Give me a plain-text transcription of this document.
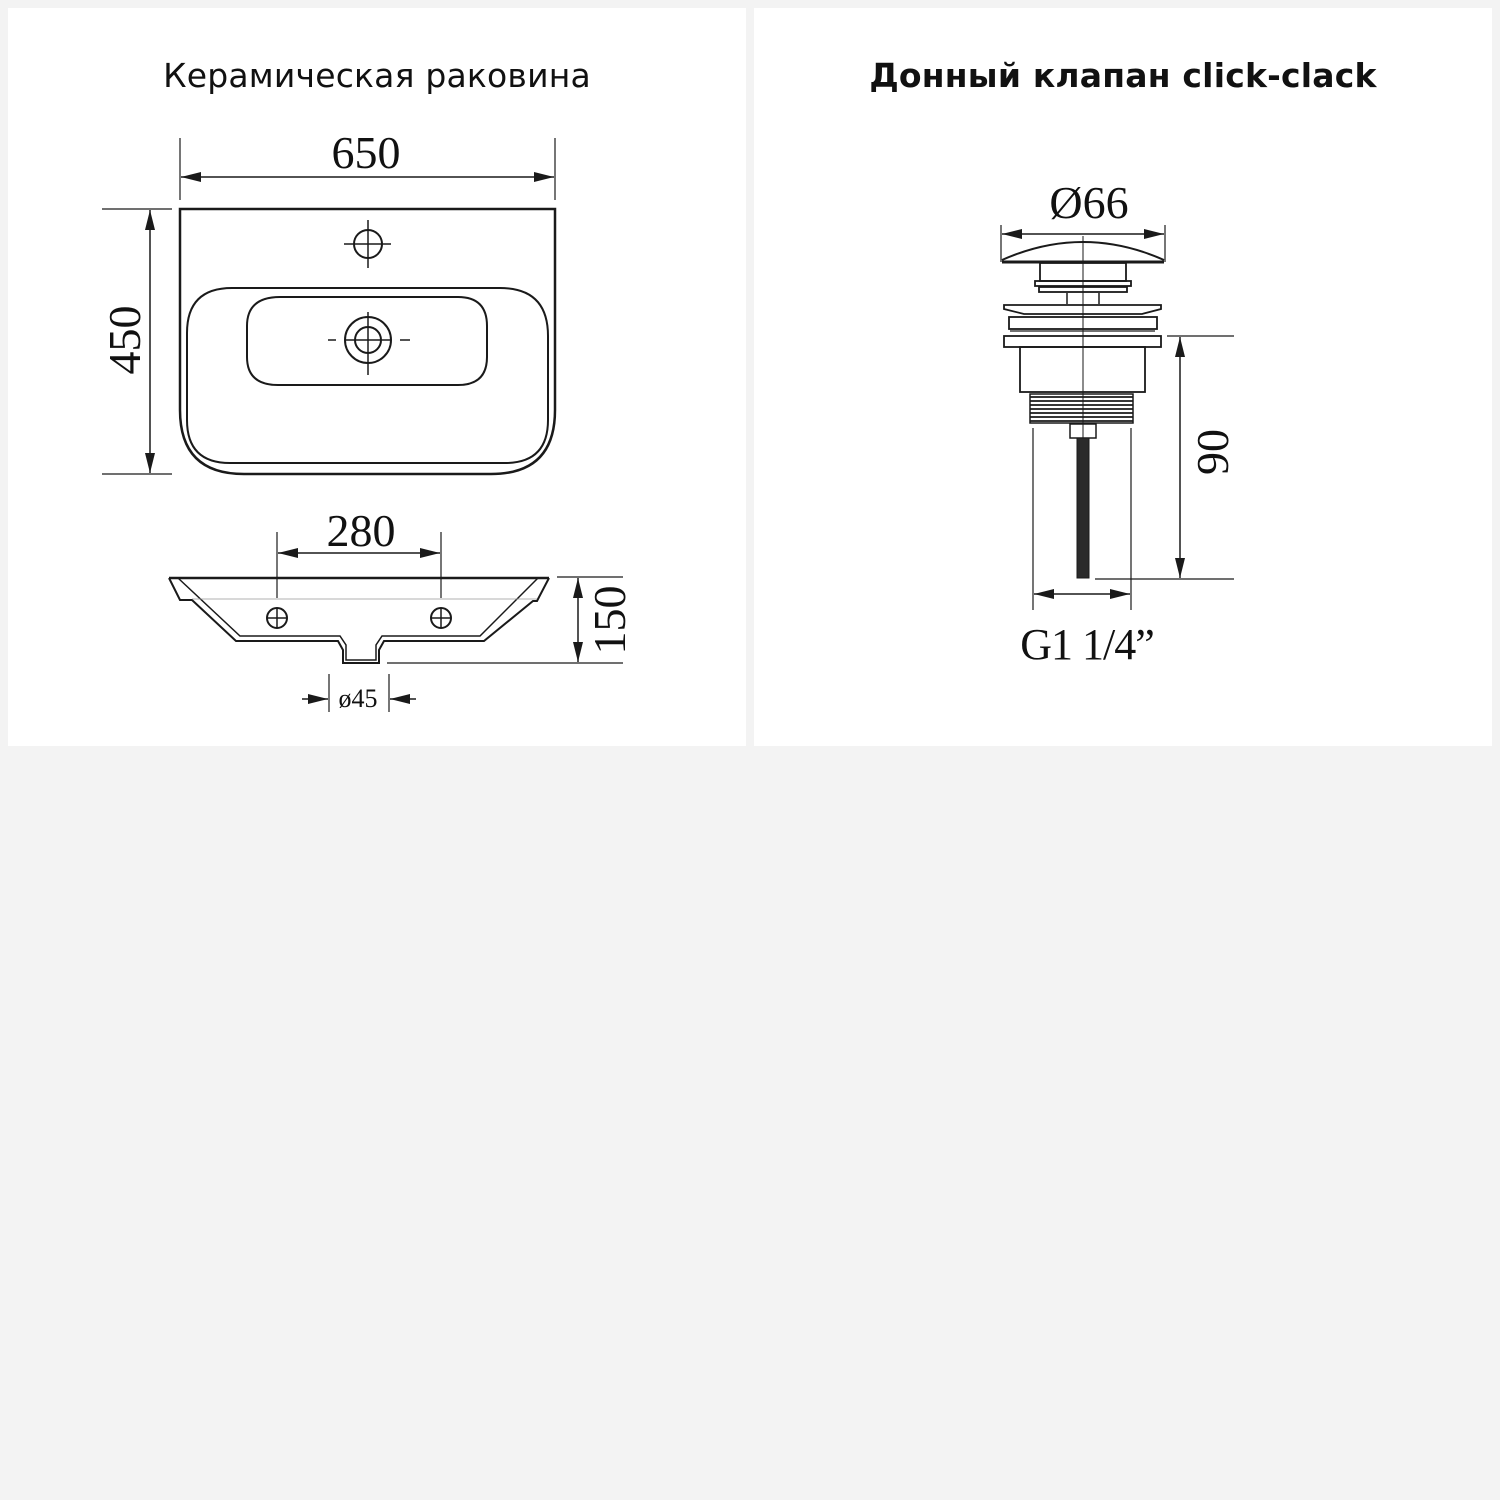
Керамическая раковина	Донный клапан click-clack
650
450
280
150
ø45
Ø66
90
G1 1/4”
